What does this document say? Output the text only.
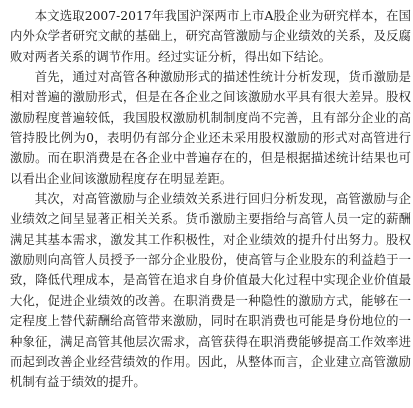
本文选取2007-2017年我国沪深两市上市A股企业为研究样本，在国内外众学者研究文献的基础上，研究高管激励与企业绩效的关系，及反腐败对两者关系的调节作用。经过实证分析，得出如下结论。

首先，通过对高管各种激励形式的描述性统计分析发现，货币激励是相对普遍的激励形式，但是在各企业之间该激励水平具有很大差异。股权激励程度普遍较低，我国股权激励机制制度尚不完善，且有部分企业的高管持股比例为0，表明仍有部分企业还未采用股权激励的形式对高管进行激励。而在职消费是在各企业中普遍存在的，但是根据描述统计结果也可以看出企业间该激励程度存在明显差距。

其次，对高管激励与企业绩效关系进行回归分析发现，高管激励与企业绩效之间呈显著正相关关系。货币激励主要指给与高管人员一定的薪酬满足其基本需求，激发其工作积极性，对企业绩效的提升付出努力。股权激励则向高管人员授予一部分企业股份，使高管与企业股东的利益趋于一致，降低代理成本，是高管在追求自身价值最大化过程中实现企业价值最大化，促进企业绩效的改善。在职消费是一种隐性的激励方式，能够在一定程度上替代薪酬给高管带来激励，同时在职消费也可能是身份地位的一种象征，满足高管其他层次需求，高管获得在职消费能够提高工作效率进而起到改善企业经营绩效的作用。因此，从整体而言，企业建立高管激励机制有益于绩效的提升。
